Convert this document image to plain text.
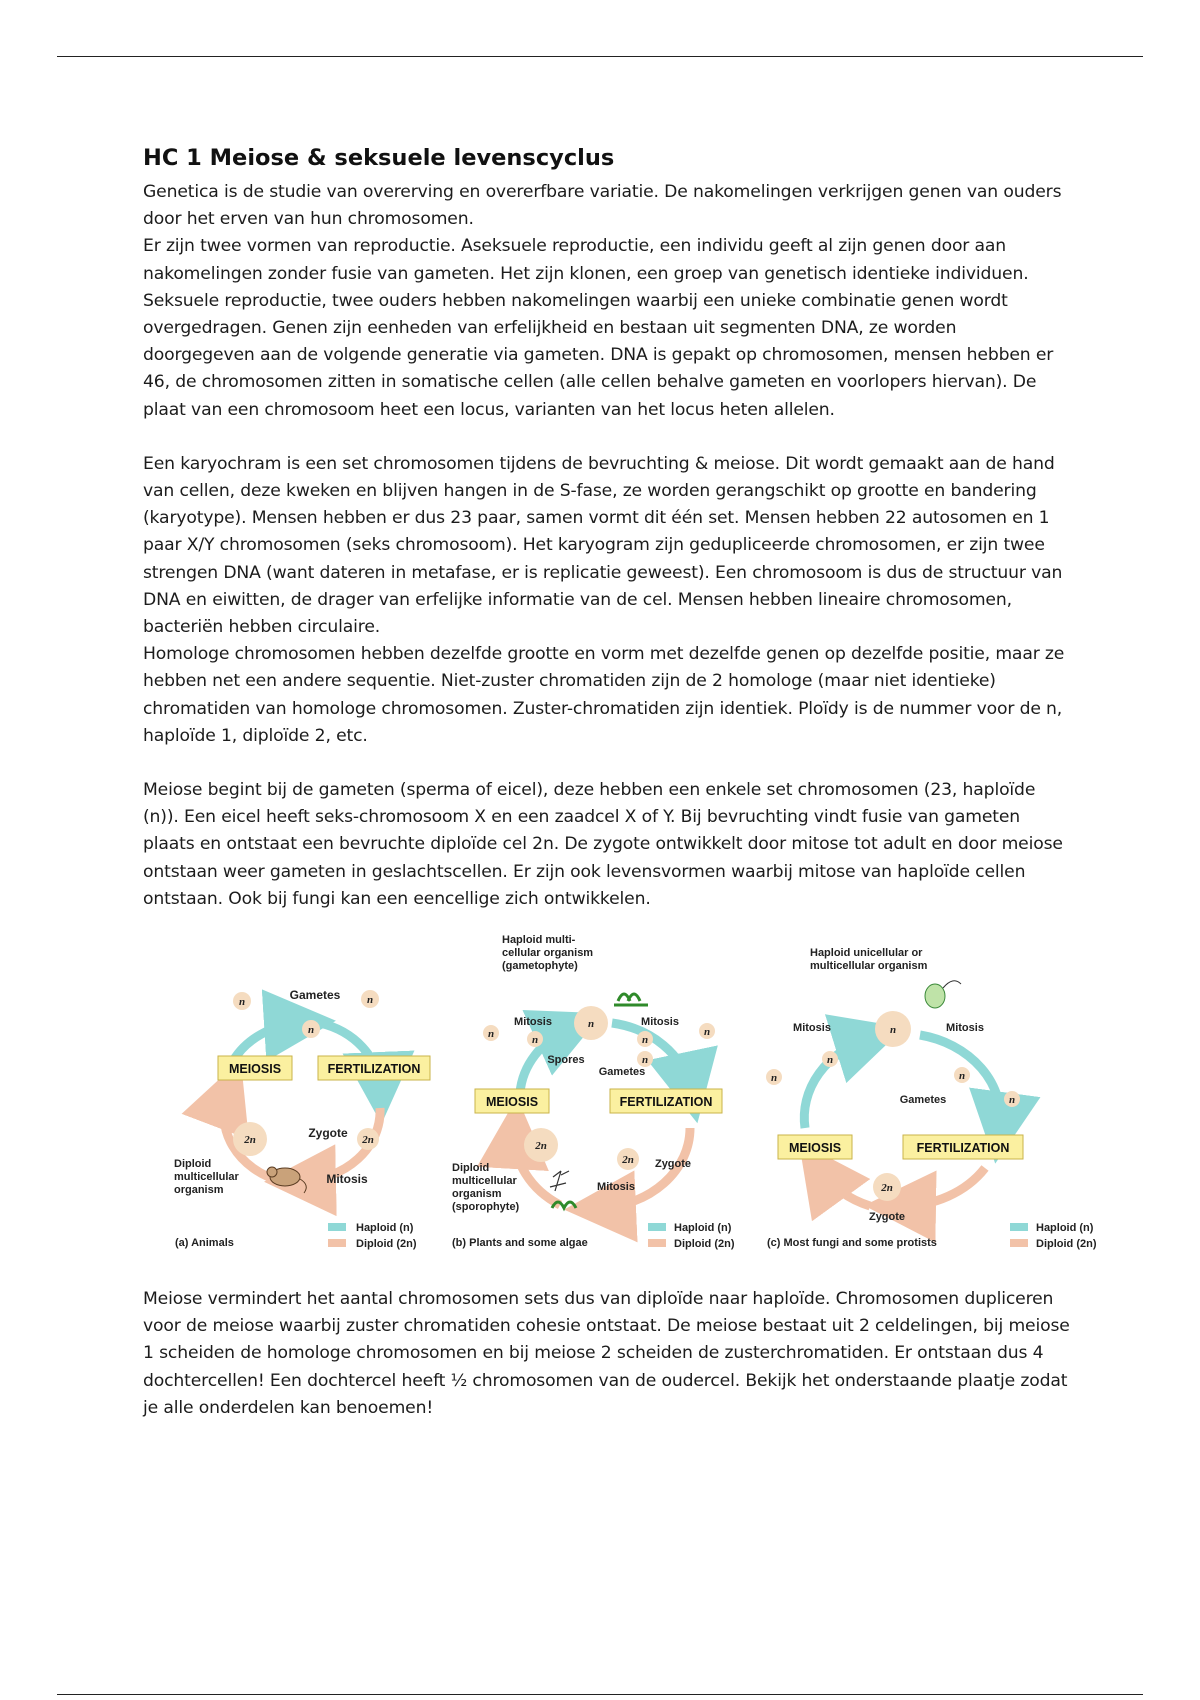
HC 1 Meiose & seksuele levenscyclus

Genetica is de studie van overerving en overerfbare variatie. De nakomelingen verkrijgen genen van ouders door het erven van hun chromosomen.

Er zijn twee vormen van reproductie. Aseksuele reproductie, een individu geeft al zijn genen door aan nakomelingen zonder fusie van gameten. Het zijn klonen, een groep van genetisch identieke individuen. Seksuele reproductie, twee ouders hebben nakomelingen waarbij een unieke combinatie genen wordt overgedragen. Genen zijn eenheden van erfelijkheid en bestaan uit segmenten DNA, ze worden doorgegeven aan de volgende generatie via gameten. DNA is gepakt op chromosomen, mensen hebben er 46, de chromosomen zitten in somatische cellen (alle cellen behalve gameten en voorlopers hiervan). De plaat van een chromosoom heet een locus, varianten van het locus heten allelen.

Een karyochram is een set chromosomen tijdens de bevruchting & meiose. Dit wordt gemaakt aan de hand van cellen, deze kweken en blijven hangen in de S-fase, ze worden gerangschikt op grootte en bandering (karyotype). Mensen hebben er dus 23 paar, samen vormt dit één set. Mensen hebben 22 autosomen en 1 paar X/Y chromosomen (seks chromosoom). Het karyogram zijn gedupliceerde chromosomen, er zijn twee strengen DNA (want dateren in metafase, er is replicatie geweest). Een chromosoom is dus de structuur van DNA en eiwitten, de drager van erfelijke informatie van de cel. Mensen hebben lineaire chromosomen, bacteriën hebben circulaire.

Homologe chromosomen hebben dezelfde grootte en vorm met dezelfde genen op dezelfde positie, maar ze hebben net een andere sequentie. Niet-zuster chromatiden zijn de 2 homologe (maar niet identieke) chromatiden van homologe chromosomen. Zuster-chromatiden zijn identiek. Ploïdy is de nummer voor de n, haploïde 1, diploïde 2, etc.

Meiose begint bij de gameten (sperma of eicel), deze hebben een enkele set chromosomen (23, haploïde (n)). Een eicel heeft seks-chromosoom X en een zaadcel X of Y. Bij bevruchting vindt fusie van gameten plaats en ontstaat een bevruchte diploïde cel 2n. De zygote ontwikkelt door mitose tot adult en door meiose ontstaan weer gameten in geslachtscellen. Er zijn ook levensvormen waarbij mitose van haploïde cellen ontstaan. Ook bij fungi kan een eencellige zich ontwikkelen.

n	n
n
Gametes
MEIOSIS	FERTILIZATION
2n	2n
Zygote
Mitosis
Diploid
multicellular
organism
Haploid (n)
Diploid (2n)
(a) Animals
Haploid multi-
cellular organism
(gametophyte)
n
Mitosis	Mitosis
n	n	n
n
n
Spores
Gametes
MEIOSIS	FERTILIZATION
2n
2n Zygote
Mitosis
Diploid
multicellular
organism
(sporophyte)
Haploid (n)
Diploid (2n)
(b) Plants and some algae
Haploid unicellular or
multicellular organism
n
Mitosis	Mitosis
n
n	n
n
Gametes
MEIOSIS	FERTILIZATION
2n
Zygote
Haploid (n)
Diploid (2n)
(c) Most fungi and some protists

Meiose vermindert het aantal chromosomen sets dus van diploïde naar haploïde. Chromosomen dupliceren voor de meiose waarbij zuster chromatiden cohesie ontstaat. De meiose bestaat uit 2 celdelingen, bij meiose 1 scheiden de homologe chromosomen en bij meiose 2 scheiden de zusterchromatiden. Er ontstaan dus 4 dochtercellen! Een dochtercel heeft ½ chromosomen van de oudercel. Bekijk het onderstaande plaatje zodat je alle onderdelen kan benoemen!
